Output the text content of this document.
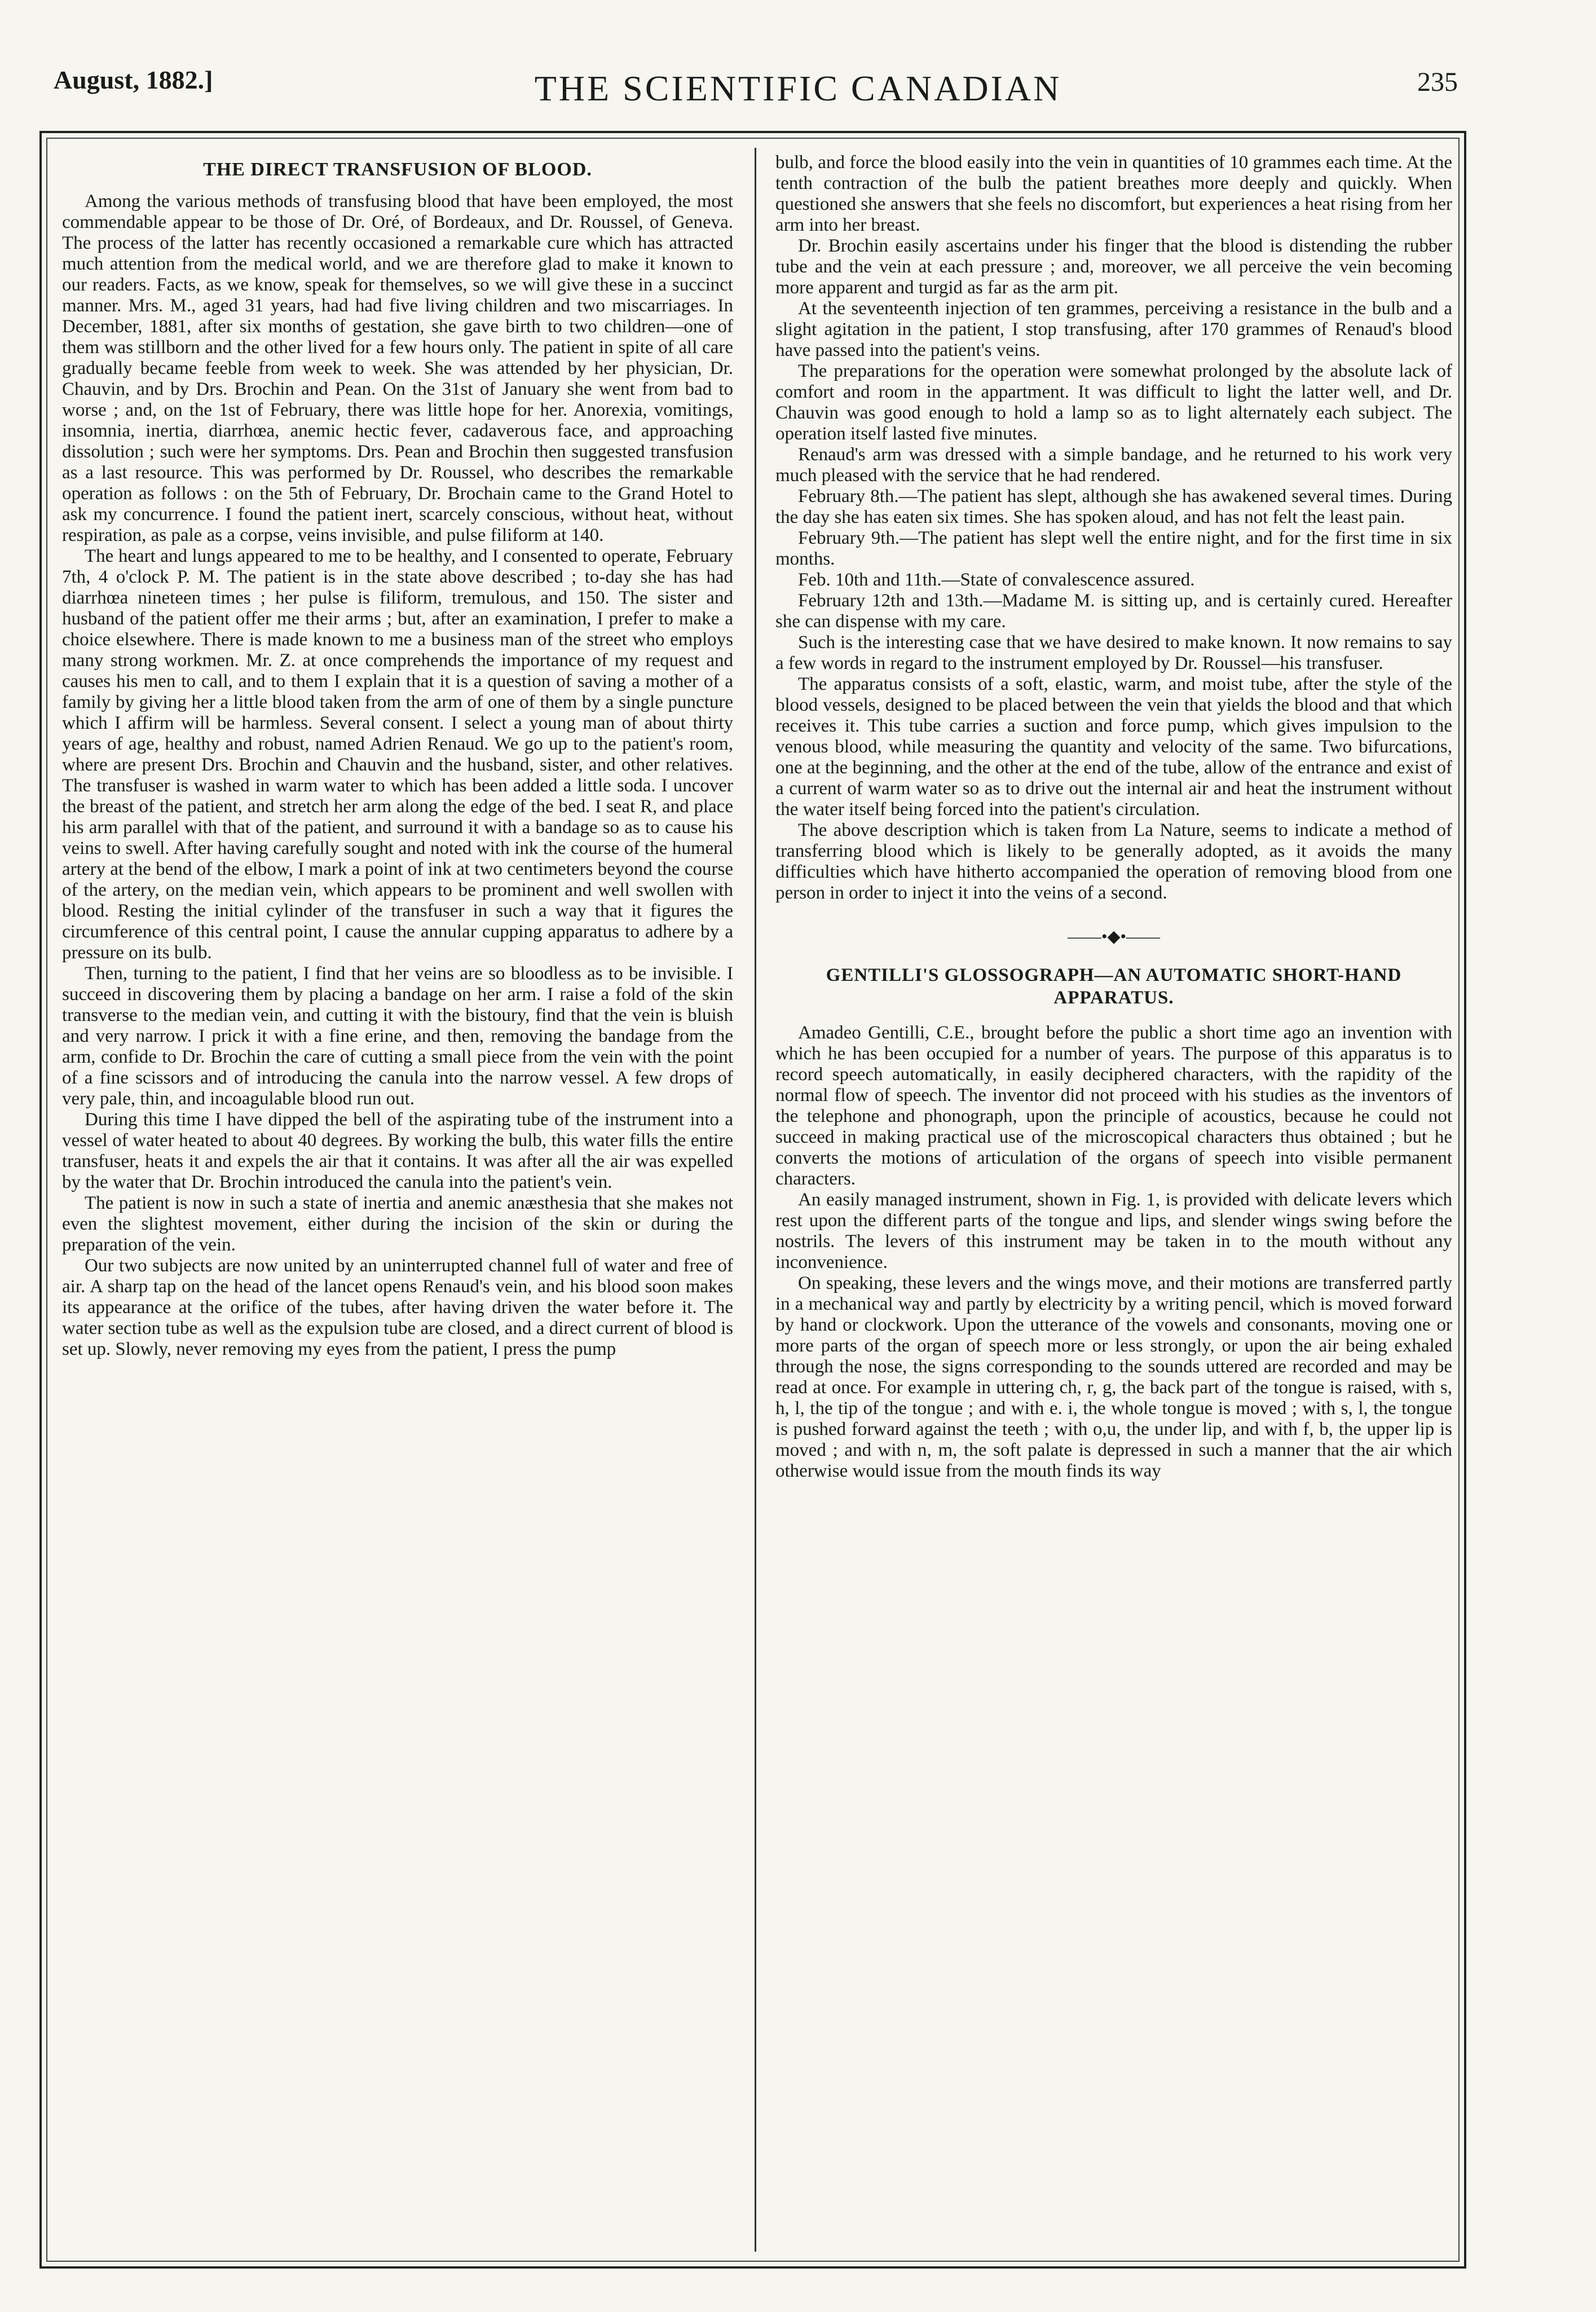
August, 1882.]	THE SCIENTIFIC CANADIAN	235
THE DIRECT TRANSFUSION OF BLOOD.

Among the various methods of transfusing blood that have been employed, the most commendable appear to be those of Dr. Oré, of Bordeaux, and Dr. Roussel, of Geneva. The process of the latter has recently occasioned a remarkable cure which has attracted much attention from the medical world, and we are therefore glad to make it known to our readers. Facts, as we know, speak for themselves, so we will give these in a succinct manner. Mrs. M., aged 31 years, had had five living children and two miscarriages. In December, 1881, after six months of gestation, she gave birth to two children—one of them was stillborn and the other lived for a few hours only. The patient in spite of all care gradually became feeble from week to week. She was attended by her physician, Dr. Chauvin, and by Drs. Brochin and Pean. On the 31st of January she went from bad to worse ; and, on the 1st of February, there was little hope for her. Anorexia, vomitings, insomnia, inertia, diarrhœa, anemic hectic fever, cadaverous face, and approaching dissolution ; such were her symptoms. Drs. Pean and Brochin then suggested transfusion as a last resource. This was performed by Dr. Roussel, who describes the remarkable operation as follows : on the 5th of February, Dr. Brochain came to the Grand Hotel to ask my concurrence. I found the patient inert, scarcely conscious, without heat, without respiration, as pale as a corpse, veins invisible, and pulse filiform at 140.

The heart and lungs appeared to me to be healthy, and I consented to operate, February 7th, 4 o'clock P. M. The patient is in the state above described ; to-day she has had diarrhœa nineteen times ; her pulse is filiform, tremulous, and 150. The sister and husband of the patient offer me their arms ; but, after an examination, I prefer to make a choice elsewhere. There is made known to me a business man of the street who employs many strong workmen. Mr. Z. at once comprehends the importance of my request and causes his men to call, and to them I explain that it is a question of saving a mother of a family by giving her a little blood taken from the arm of one of them by a single puncture which I affirm will be harmless. Several consent. I select a young man of about thirty years of age, healthy and robust, named Adrien Renaud. We go up to the patient's room, where are present Drs. Brochin and Chauvin and the husband, sister, and other relatives. The transfuser is washed in warm water to which has been added a little soda. I uncover the breast of the patient, and stretch her arm along the edge of the bed. I seat R, and place his arm parallel with that of the patient, and surround it with a bandage so as to cause his veins to swell. After having carefully sought and noted with ink the course of the humeral artery at the bend of the elbow, I mark a point of ink at two centimeters beyond the course of the artery, on the median vein, which appears to be prominent and well swollen with blood. Resting the initial cylinder of the transfuser in such a way that it figures the circumference of this central point, I cause the annular cupping apparatus to adhere by a pressure on its bulb.

Then, turning to the patient, I find that her veins are so bloodless as to be invisible. I succeed in discovering them by placing a bandage on her arm. I raise a fold of the skin transverse to the median vein, and cutting it with the bistoury, find that the vein is bluish and very narrow. I prick it with a fine erine, and then, removing the bandage from the arm, confide to Dr. Brochin the care of cutting a small piece from the vein with the point of a fine scissors and of introducing the canula into the narrow vessel. A few drops of very pale, thin, and incoagulable blood run out.

During this time I have dipped the bell of the aspirating tube of the instrument into a vessel of water heated to about 40 degrees. By working the bulb, this water fills the entire transfuser, heats it and expels the air that it contains. It was after all the air was expelled by the water that Dr. Brochin introduced the canula into the patient's vein.

The patient is now in such a state of inertia and anemic anæsthesia that she makes not even the slightest movement, either during the incision of the skin or during the preparation of the vein.

Our two subjects are now united by an uninterrupted channel full of water and free of air. A sharp tap on the head of the lancet opens Renaud's vein, and his blood soon makes its appearance at the orifice of the tubes, after having driven the water before it. The water section tube as well as the expulsion tube are closed, and a direct current of blood is set up. Slowly, never removing my eyes from the patient, I press the pump

bulb, and force the blood easily into the vein in quantities of 10 grammes each time. At the tenth contraction of the bulb the patient breathes more deeply and quickly. When questioned she answers that she feels no discomfort, but experiences a heat rising from her arm into her breast.

Dr. Brochin easily ascertains under his finger that the blood is distending the rubber tube and the vein at each pressure ; and, moreover, we all perceive the vein becoming more apparent and turgid as far as the arm pit.

At the seventeenth injection of ten grammes, perceiving a resistance in the bulb and a slight agitation in the patient, I stop transfusing, after 170 grammes of Renaud's blood have passed into the patient's veins.

The preparations for the operation were somewhat prolonged by the absolute lack of comfort and room in the appartment. It was difficult to light the latter well, and Dr. Chauvin was good enough to hold a lamp so as to light alternately each subject. The operation itself lasted five minutes.

Renaud's arm was dressed with a simple bandage, and he returned to his work very much pleased with the service that he had rendered.

February 8th.—The patient has slept, although she has awakened several times. During the day she has eaten six times. She has spoken aloud, and has not felt the least pain.

February 9th.—The patient has slept well the entire night, and for the first time in six months.

Feb. 10th and 11th.—State of convalescence assured.

February 12th and 13th.—Madame M. is sitting up, and is certainly cured. Hereafter she can dispense with my care.

Such is the interesting case that we have desired to make known. It now remains to say a few words in regard to the instrument employed by Dr. Roussel—his transfuser.

The apparatus consists of a soft, elastic, warm, and moist tube, after the style of the blood vessels, designed to be placed between the vein that yields the blood and that which receives it. This tube carries a suction and force pump, which gives impulsion to the venous blood, while measuring the quantity and velocity of the same. Two bifurcations, one at the beginning, and the other at the end of the tube, allow of the entrance and exist of a current of warm water so as to drive out the internal air and heat the instrument without the water itself being forced into the patient's circulation.

The above description which is taken from La Nature, seems to indicate a method of transferring blood which is likely to be generally adopted, as it avoids the many difficulties which have hitherto accompanied the operation of removing blood from one person in order to inject it into the veins of a second.

——•◆•——
GENTILLI'S GLOSSOGRAPH—AN AUTOMATIC SHORT-HAND APPARATUS.

Amadeo Gentilli, C.E., brought before the public a short time ago an invention with which he has been occupied for a number of years. The purpose of this apparatus is to record speech automatically, in easily deciphered characters, with the rapidity of the normal flow of speech. The inventor did not proceed with his studies as the inventors of the telephone and phonograph, upon the principle of acoustics, because he could not succeed in making practical use of the microscopical characters thus obtained ; but he converts the motions of articulation of the organs of speech into visible permanent characters.

An easily managed instrument, shown in Fig. 1, is provided with delicate levers which rest upon the different parts of the tongue and lips, and slender wings swing before the nostrils. The levers of this instrument may be taken in to the mouth without any inconvenience.

On speaking, these levers and the wings move, and their motions are transferred partly in a mechanical way and partly by electricity by a writing pencil, which is moved forward by hand or clockwork. Upon the utterance of the vowels and consonants, moving one or more parts of the organ of speech more or less strongly, or upon the air being exhaled through the nose, the signs corresponding to the sounds uttered are recorded and may be read at once. For example in uttering ch, r, g, the back part of the tongue is raised, with s, h, l, the tip of the tongue ; and with e. i, the whole tongue is moved ; with s, l, the tongue is pushed forward against the teeth ; with o,u, the under lip, and with f, b, the upper lip is moved ; and with n, m, the soft palate is depressed in such a manner that the air which otherwise would issue from the mouth finds its way
